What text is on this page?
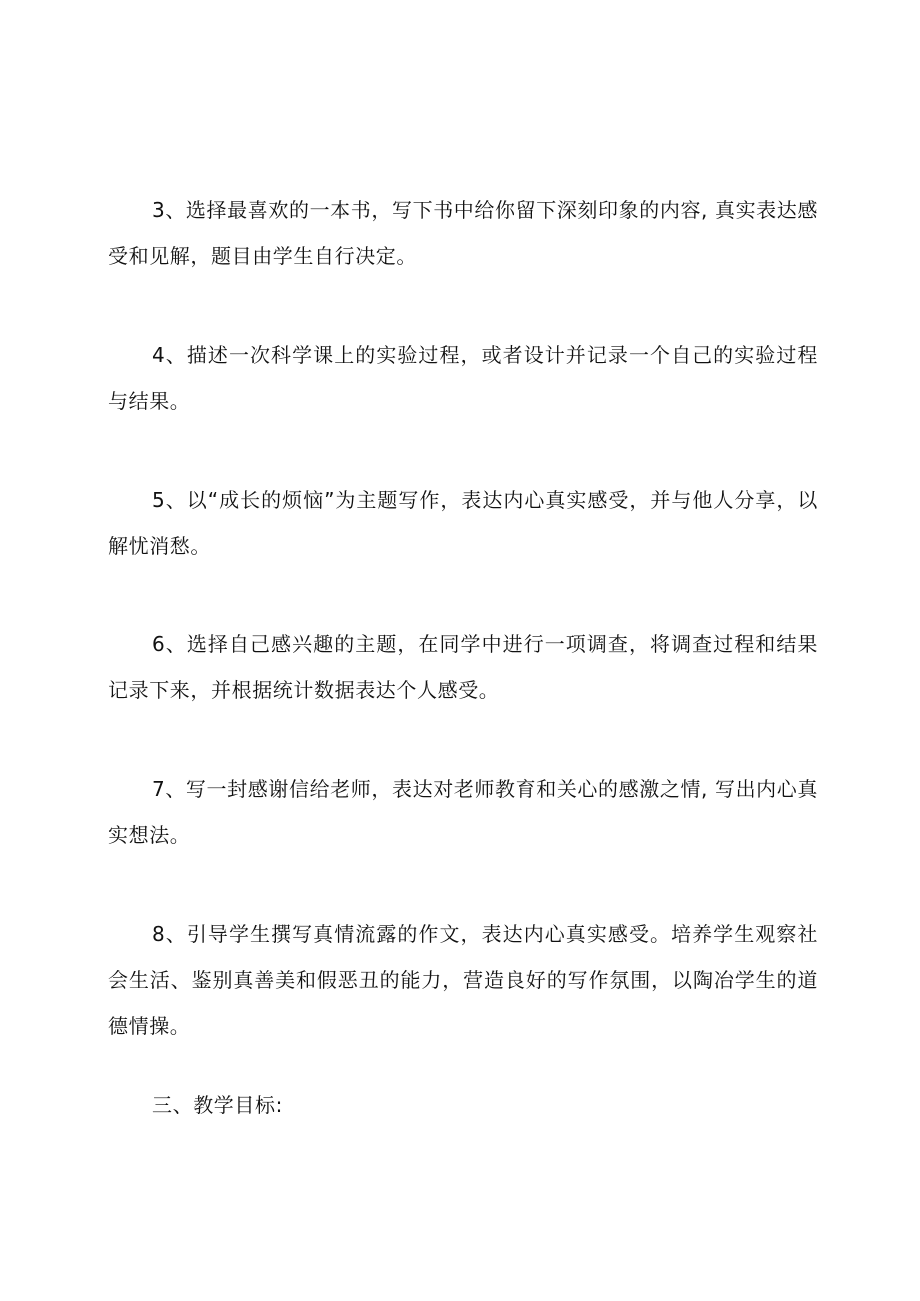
3、选择最喜欢的一本书，写下书中给你留下深刻印象的内容, 真实表达感受和见解，题目由学生自行决定。

4、描述一次科学课上的实验过程，或者设计并记录一个自己的实验过程与结果。

5、以“成长的烦恼”为主题写作，表达内心真实感受，并与他人分享，以解忧消愁。

6、选择自己感兴趣的主题，在同学中进行一项调查，将调查过程和结果记录下来，并根据统计数据表达个人感受。

7、写一封感谢信给老师，表达对老师教育和关心的感激之情, 写出内心真实想法。

8、引导学生撰写真情流露的作文，表达内心真实感受。培养学生观察社会生活、鉴别真善美和假恶丑的能力，营造良好的写作氛围，以陶冶学生的道德情操。

三、教学目标:
